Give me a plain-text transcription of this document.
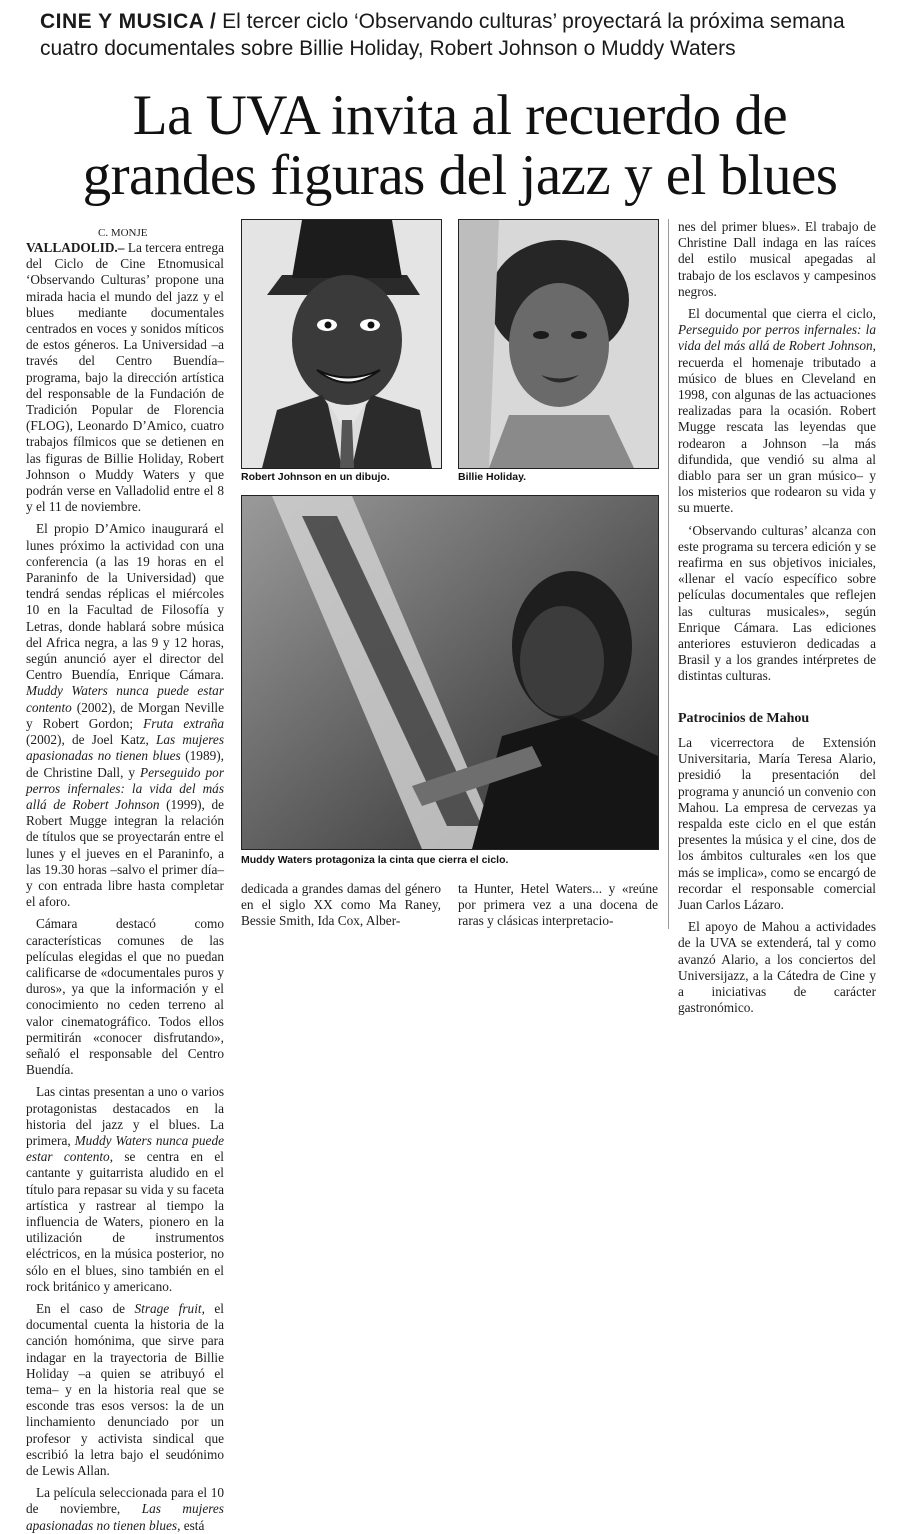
CINE Y MUSICA / El tercer ciclo ‘Observando culturas’ proyectará la próxima semana cuatro documentales sobre Billie Holiday, Robert Johnson o Muddy Waters
La UVA invita al recuerdo de
grandes figuras del jazz y el blues
C. MONJE

VALLADOLID.– La tercera entrega del Ciclo de Cine Etnomusical ‘Observando Culturas’ propone una mirada hacia el mundo del jazz y el blues mediante documentales centrados en voces y sonidos míticos de estos géneros. La Universidad –a través del Centro Buendía– programa, bajo la dirección artística del responsable de la Fundación de Tradición Popular de Florencia (FLOG), Leonardo D’Amico, cuatro trabajos fílmicos que se detienen en las figuras de Billie Holiday, Robert Johnson o Muddy Waters y que podrán verse en Valladolid entre el 8 y el 11 de noviembre.

El propio D’Amico inaugurará el lunes próximo la actividad con una conferencia (a las 19 horas en el Paraninfo de la Universidad) que tendrá sendas réplicas el miércoles 10 en la Facultad de Filosofía y Letras, donde hablará sobre música del Africa negra, a las 9 y 12 horas, según anunció ayer el director del Centro Buendía, Enrique Cámara. Muddy Waters nunca puede estar contento (2002), de Morgan Neville y Robert Gordon; Fruta extraña (2002), de Joel Katz, Las mujeres apasionadas no tienen blues (1989), de Christine Dall, y Perseguido por perros infernales: la vida del más allá de Robert Johnson (1999), de Robert Mugge integran la relación de títulos que se proyectarán entre el lunes y el jueves en el Paraninfo, a las 19.30 horas –salvo el primer día– y con entrada libre hasta completar el aforo.

Cámara destacó como características comunes de las películas elegidas el que no puedan calificarse de «documentales puros y duros», ya que la información y el conocimiento no ceden terreno al valor cinematográfico. Todos ellos permitirán «conocer disfrutando», señaló el responsable del Centro Buendía.

Las cintas presentan a uno o varios protagonistas destacados en la historia del jazz y el blues. La primera, Muddy Waters nunca puede estar contento, se centra en el cantante y guitarrista aludido en el título para repasar su vida y su faceta artística y rastrear al tiempo la influencia de Waters, pionero en la utilización de instrumentos eléctricos, en la música posterior, no sólo en el blues, sino también en el rock británico y americano.

En el caso de Strage fruit, el documental cuenta la historia de la canción homónima, que sirve para indagar en la trayectoria de Billie Holiday –a quien se atribuyó el tema– y en la historia real que se esconde tras esos versos: la de un linchamiento denunciado por un profesor y activista sindical que escribió la letra bajo el seudónimo de Lewis Allan.

La película seleccionada para el 10 de noviembre, Las mujeres apasionadas no tienen blues, está

Robert Johnson en un dibujo.	Billie Holiday.
Muddy Waters protagoniza la cinta que cierra el ciclo.

dedicada a grandes damas del género en el siglo XX como Ma Raney, Bessie Smith, Ida Cox, Alber-

ta Hunter, Hetel Waters... y «reúne por primera vez a una docena de raras y clásicas interpretacio-

nes del primer blues». El trabajo de Christine Dall indaga en las raíces del estilo musical apegadas al trabajo de los esclavos y campesinos negros.

El documental que cierra el ciclo, Perseguido por perros infernales: la vida del más allá de Robert Johnson, recuerda el homenaje tributado a músico de blues en Cleveland en 1998, con algunas de las actuaciones realizadas para la ocasión. Robert Mugge rescata las leyendas que rodearon a Johnson –la más difundida, que vendió su alma al diablo para ser un gran músico– y los misterios que rodearon su vida y su muerte.

‘Observando culturas’ alcanza con este programa su tercera edición y se reafirma en sus objetivos iniciales, «llenar el vacío específico sobre películas documentales que reflejen las culturas musicales», según Enrique Cámara. Las ediciones anteriores estuvieron dedicadas a Brasil y a los grandes intérpretes de distintas culturas.

Patrocinios de Mahou

La vicerrectora de Extensión Universitaria, María Teresa Alario, presidió la presentación del programa y anunció un convenio con Mahou. La empresa de cervezas ya respalda este ciclo en el que están presentes la música y el cine, dos de los ámbitos culturales «en los que más se implica», como se encargó de recordar el responsable comercial Juan Carlos Lázaro.

El apoyo de Mahou a actividades de la UVA se extenderá, tal y como avanzó Alario, a los conciertos del Universijazz, a la Cátedra de Cine y a iniciativas de carácter gastronómico.
